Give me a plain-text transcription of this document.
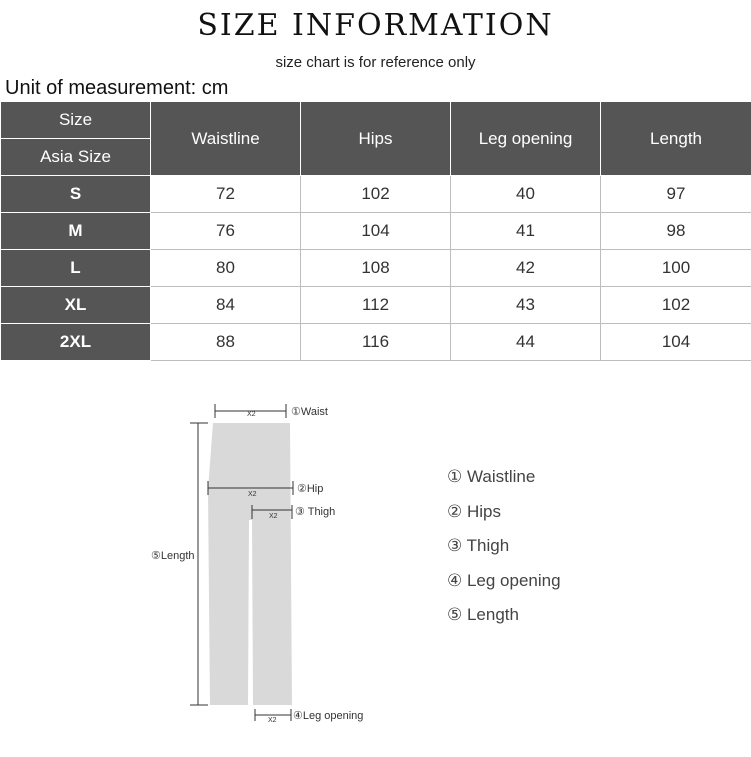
SIZE INFORMATION
size chart is for reference only
Unit of measurement: cm
Size	Waistline	Hips	Leg opening	Length
Asia Size				
S	72	102	40	97
M	76	104	41	98
L	80	108	42	100
XL	84	112	43	102
2XL	88	116	44	104
X2	①Waist
X2	②Hip
X2 ③ Thigh
⑤Length
X2 ④Leg opening
① Waistline
② Hips
③ Thigh
④ Leg opening
⑤ Length
